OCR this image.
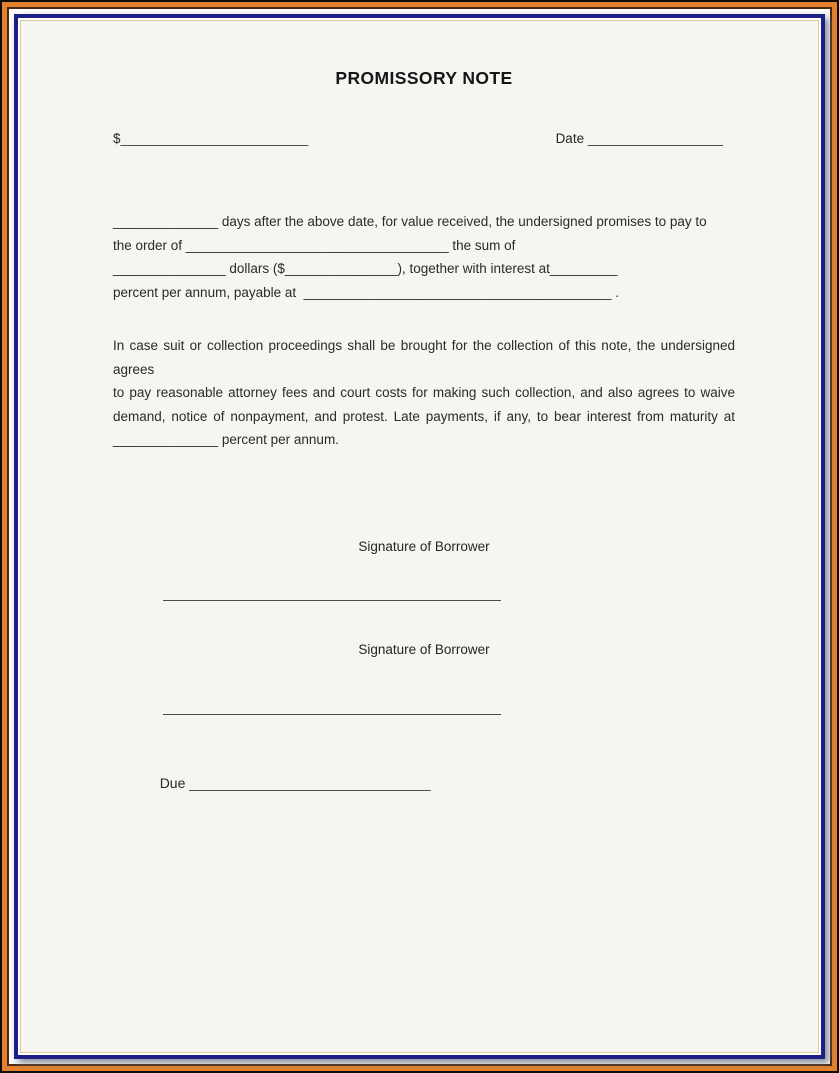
PROMISSORY NOTE
$_________________________	Date __________________
______________ days after the above date, for value received, the undersigned promises to pay to
the order of ___________________________________ the sum of
_______________ dollars ($_______________), together with interest at_________
percent per annum, payable at  _________________________________________ .
In case suit or collection proceedings shall be brought for the collection of this note, the undersigned agrees
to pay reasonable attorney fees and court costs for making such collection, and also agrees to waive
demand, notice of nonpayment, and protest. Late payments, if any, to bear interest from maturity at
______________ percent per annum.
Signature of Borrower
Signature of Borrower

Due _______________________________
